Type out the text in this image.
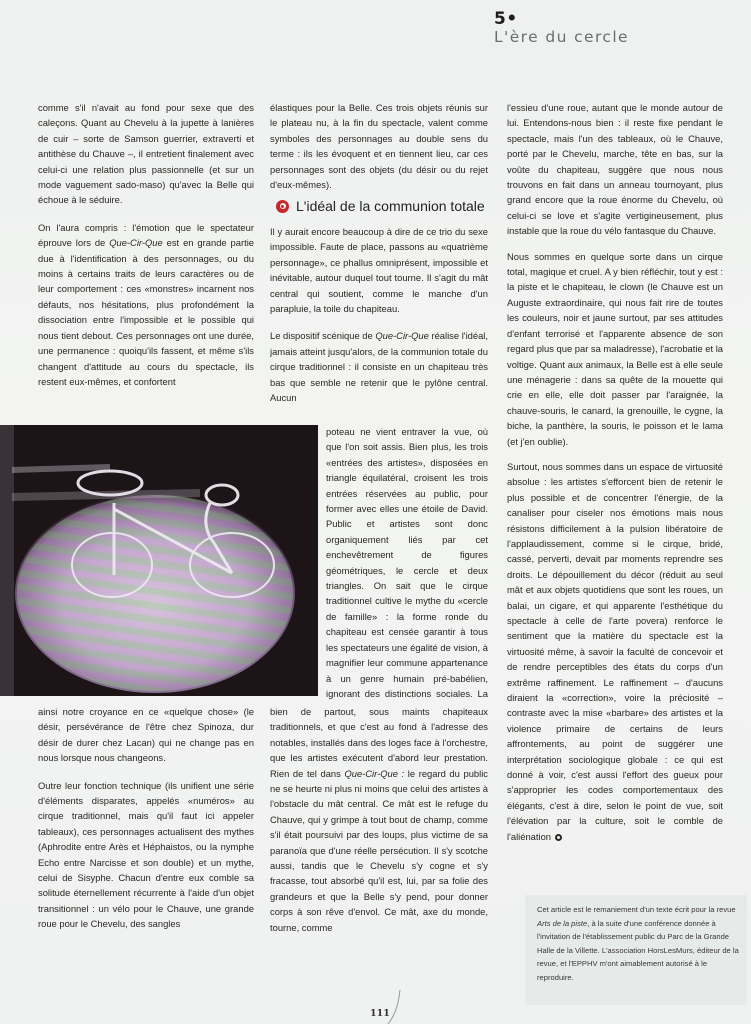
5•
L'ère du cercle

comme s'il n'avait au fond pour sexe que des caleçons. Quant au Chevelu à la jupette à lanières de cuir – sorte de Samson guerrier, extraverti et antithèse du Chauve –, il entretient finalement avec celui-ci une relation plus passionnelle (et sur un mode vaguement sado-maso) qu'avec la Belle qui échoue à le séduire.

On l'aura compris : l'émotion que le spectateur éprouve lors de Que-Cir-Que est en grande partie due à l'identification à des personnages, ou du moins à certains traits de leurs caractères ou de leur comportement : ces «monstres» incarnent nos défauts, nos hésitations, plus profondément la dissociation entre l'impossible et le possible qui nous tient debout. Ces personnages ont une durée, une permanence : quoiqu'ils fassent, et même s'ils changent d'attitude au cours du spectacle, ils restent eux-mêmes, et confortent

ainsi notre croyance en ce «quelque chose» (le désir, persévérance de l'être chez Spinoza, dur désir de durer chez Lacan) qui ne change pas en nous lorsque nous changeons.

Outre leur fonction technique (ils unifient une série d'éléments disparates, appelés «numéros» au cirque traditionnel, mais qu'il faut ici appeler tableaux), ces personnages actualisent des mythes (Aphrodite entre Arès et Héphaistos, ou la nymphe Echo entre Narcisse et son double) et un mythe, celui de Sisyphe. Chacun d'entre eux comble sa solitude éternellement récurrente à l'aide d'un objet transitionnel : un vélo pour le Chauve, une grande roue pour le Chevelu, des sangles

élastiques pour la Belle. Ces trois objets réunis sur le plateau nu, à la fin du spectacle, valent comme symboles des personnages au double sens du terme : ils les évoquent et en tiennent lieu, car ces personnages sont des objets (du désir ou du rejet d'eux-mêmes).

L'idéal de la communion totale

Il y aurait encore beaucoup à dire de ce trio du sexe impossible. Faute de place, passons au «quatrième personnage», ce phallus omniprésent, impossible et inévitable, autour duquel tout tourne. Il s'agit du mât central qui soutient, comme le manche d'un parapluie, la toile du chapiteau.

Le dispositif scénique de Que-Cir-Que réalise l'idéal, jamais atteint jusqu'alors, de la communion totale du cirque traditionnel : il consiste en un chapiteau très bas que semble ne retenir que le pylône central. Aucun

poteau ne vient entraver la vue, où que l'on soit assis. Bien plus, les trois «entrées des artistes», disposées en triangle équilatéral, croisent les trois entrées réservées au public, pour former avec elles une étoile de David. Public et artistes sont donc organiquement liés par cet enchevêtrement de figures géométriques, le cercle et deux triangles. On sait que le cirque traditionnel cultive le mythe du «cercle de famille» : la forme ronde du chapiteau est censée garantir à tous les spectateurs une égalité de vision, à magnifier leur commune appartenance à un genre humain pré-babélien, ignorant des distinctions sociales. La

bien de partout, sous maints chapiteaux traditionnels, et que c'est au fond à l'adresse des notables, installés dans des loges face à l'orchestre, que les artistes exécutent d'abord leur prestation. Rien de tel dans Que-Cir-Que : le regard du public ne se heurte ni plus ni moins que celui des artistes à l'obstacle du mât central. Ce mât est le refuge du Chauve, qui y grimpe à tout bout de champ, comme s'il était poursuivi par des loups, plus victime de sa paranoïa que d'une réelle persécution. Il s'y scotche aussi, tandis que le Chevelu s'y cogne et s'y fracasse, tout absorbé qu'il est, lui, par sa folie des grandeurs et que la Belle s'y pend, pour donner corps à son rêve d'envol. Ce mât, axe du monde, tourne, comme

l'essieu d'une roue, autant que le monde autour de lui. Entendons-nous bien : il reste fixe pendant le spectacle, mais l'un des tableaux, où le Chauve, porté par le Chevelu, marche, tête en bas, sur la voûte du chapiteau, suggère que nous nous trouvons en fait dans un anneau tournoyant, plus grand encore que la roue énorme du Chevelu, où celui-ci se love et s'agite vertigineusement, plus instable que la roue du vélo fantasque du Chauve.

Nous sommes en quelque sorte dans un cirque total, magique et cruel. A y bien réfléchir, tout y est : la piste et le chapiteau, le clown (le Chauve est un Auguste extraordinaire, qui nous fait rire de toutes les couleurs, noir et jaune surtout, par ses attitudes d'enfant terrorisé et l'apparente absence de son regard plus que par sa maladresse), l'acrobatie et la voltige. Quant aux animaux, la Belle est à elle seule une ménagerie : dans sa quête de la mouette qui crie en elle, elle doit passer par l'araignée, la chauve-souris, le canard, la grenouille, le cygne, la biche, la panthère, la souris, le poisson et le lama (et j'en oublie).

Surtout, nous sommes dans un espace de virtuosité absolue : les artistes s'efforcent bien de retenir le plus possible et de concentrer l'énergie, de la canaliser pour ciseler nos émotions mais nous résistons difficilement à la pulsion libératoire de l'applaudissement, comme si le cirque, bridé, cassé, perverti, devait par moments reprendre ses droits. Le dépouillement du décor (réduit au seul mât et aux objets quotidiens que sont les roues, un balai, un cigare, et qui apparente l'esthétique du spectacle à celle de l'arte povera) renforce le sentiment que la matière du spectacle est la virtuosité même, à savoir la faculté de concevoir et de rendre perceptibles des états du corps d'un extrême raffinement. Le raffinement – d'aucuns diraient la «correction», voire la préciosité – contraste avec la mise «barbare» des artistes et la violence primaire de certains de leurs affrontements, au point de suggérer une interprétation sociologique globale : ce qui est donné à voir, c'est aussi l'effort des gueux pour s'approprier les codes comportementaux des élégants, c'est à dire, selon le point de vue, soit l'élévation par la culture, soit le comble de l'aliénation

Cet article est le remaniement d'un texte écrit pour la revue Arts de la piste, à la suite d'une conférence donnée à l'invitation de l'établissement public du Parc de la Grande Halle de la Villette. L'association HorsLesMurs, éditeur de la revue, et l'EPPHV m'ont aimablement autorisé à le reproduire.

111
